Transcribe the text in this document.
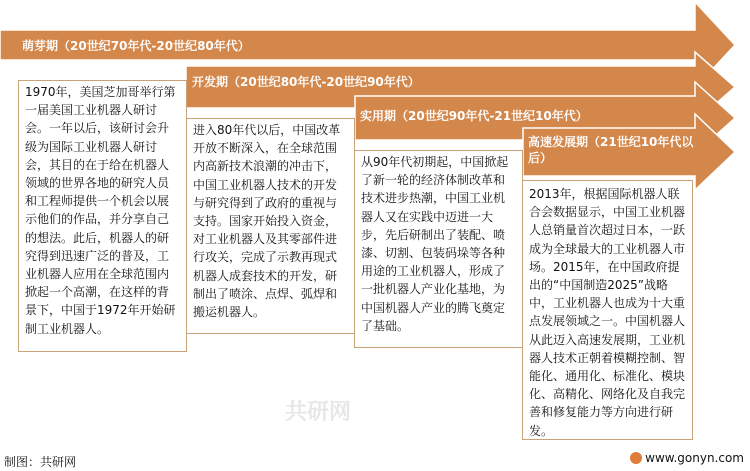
萌芽期（20世纪70年代-20世纪80年代）
开发期（20世纪80年代-20世纪90年代）
实用期（20世纪90年代-21世纪10年代）
高速发展期（21世纪10年代以后）
1970年，美国芝加哥举行第一届美国工业机器人研讨会。一年以后，该研讨会升级为国际工业机器人研讨会，其目的在于给在机器人领域的世界各地的研究人员和工程师提供一个机会以展示他们的作品，并分享自己的想法。此后，机器人的研究得到迅速广泛的普及，工业机器人应用在全球范围内掀起一个高潮，在这样的背景下，中国于1972年开始研制工业机器人。
进入80年代以后，中国改革开放不断深入，在全球范围内高新技术浪潮的冲击下，中国工业机器人技术的开发与研究得到了政府的重视与支持。国家开始投入资金，对工业机器人及其零部件进行攻关，完成了示教再现式机器人成套技术的开发，研制出了喷涂、点焊、弧焊和搬运机器人。
从90年代初期起，中国掀起了新一轮的经济体制改革和技术进步热潮，中国工业机器人又在实践中迈进一大步，先后研制出了装配、喷漆、切割、包装码垛等各种用途的工业机器人，形成了一批机器人产业化基地，为中国机器人产业的腾飞奠定了基础。
2013年，根据国际机器人联合会数据显示，中国工业机器人总销量首次超过日本，一跃成为全球最大的工业机器人市场。2015年，在中国政府提出的“中国制造2025”战略中，工业机器人也成为十大重点发展领域之一。中国机器人从此迈入高速发展期，工业机器人技术正朝着模糊控制、智能化、通用化、标准化、模块化、高精化、网络化及自我完善和修复能力等方向进行研发。
共研网
制图：共研网	www.gonyn.com
